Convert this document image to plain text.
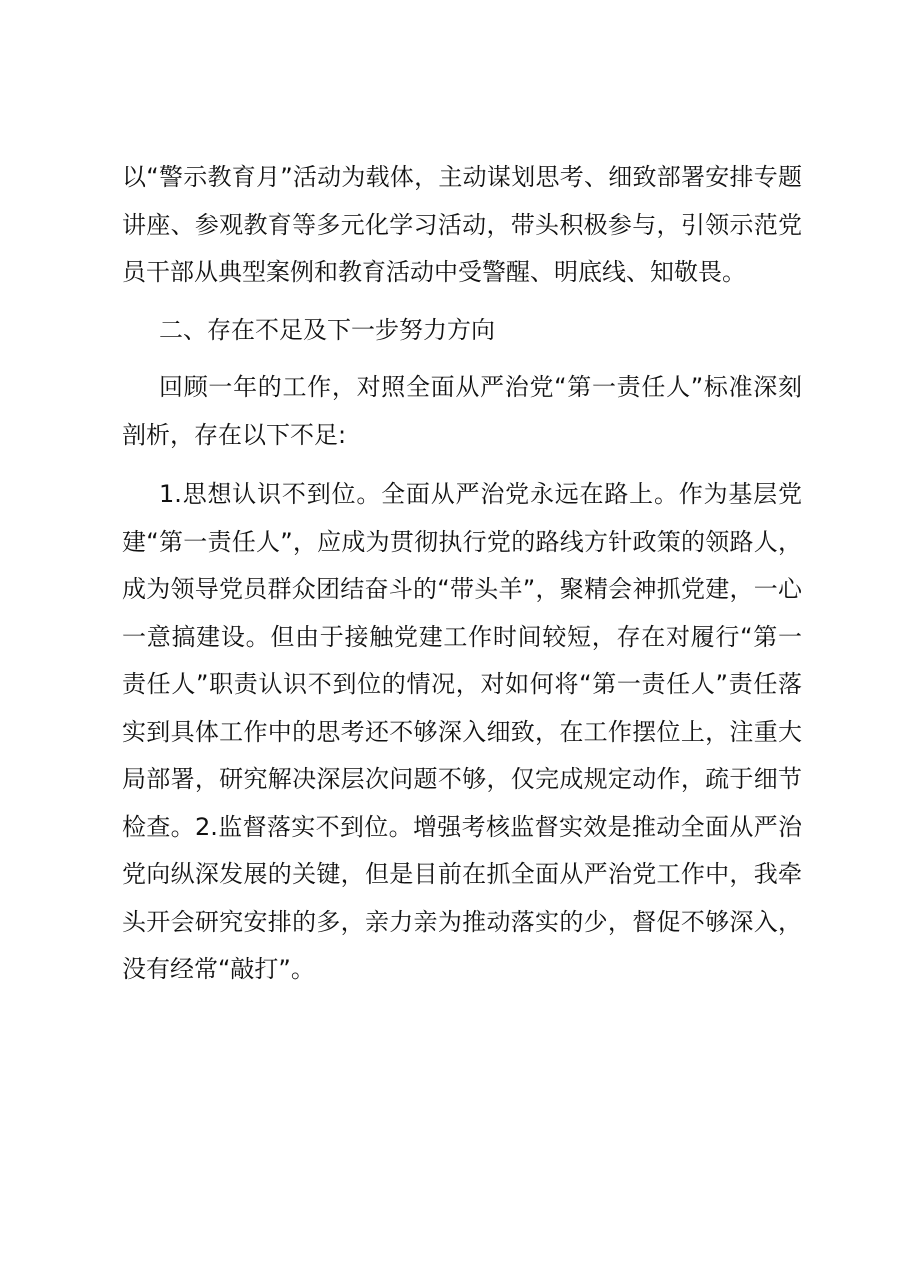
以“警示教育月”活动为载体，主动谋划思考、细致部署安排专题讲座、参观教育等多元化学习活动，带头积极参与，引领示范党员干部从典型案例和教育活动中受警醒、明底线、知敬畏。

二、存在不足及下一步努力方向

回顾一年的工作，对照全面从严治党“第一责任人”标准深刻剖析，存在以下不足:

1.思想认识不到位。全面从严治党永远在路上。作为基层党建“第一责任人”，应成为贯彻执行党的路线方针政策的领路人，成为领导党员群众团结奋斗的“带头羊”，聚精会神抓党建，一心一意搞建设。但由于接触党建工作时间较短，存在对履行“第一责任人”职责认识不到位的情况，对如何将“第一责任人”责任落实到具体工作中的思考还不够深入细致，在工作摆位上，注重大局部署，研究解决深层次问题不够，仅完成规定动作，疏于细节检查。2.监督落实不到位。增强考核监督实效是推动全面从严治党向纵深发展的关键，但是目前在抓全面从严治党工作中，我牵头开会研究安排的多，亲力亲为推动落实的少，督促不够深入，没有经常“敲打”。
